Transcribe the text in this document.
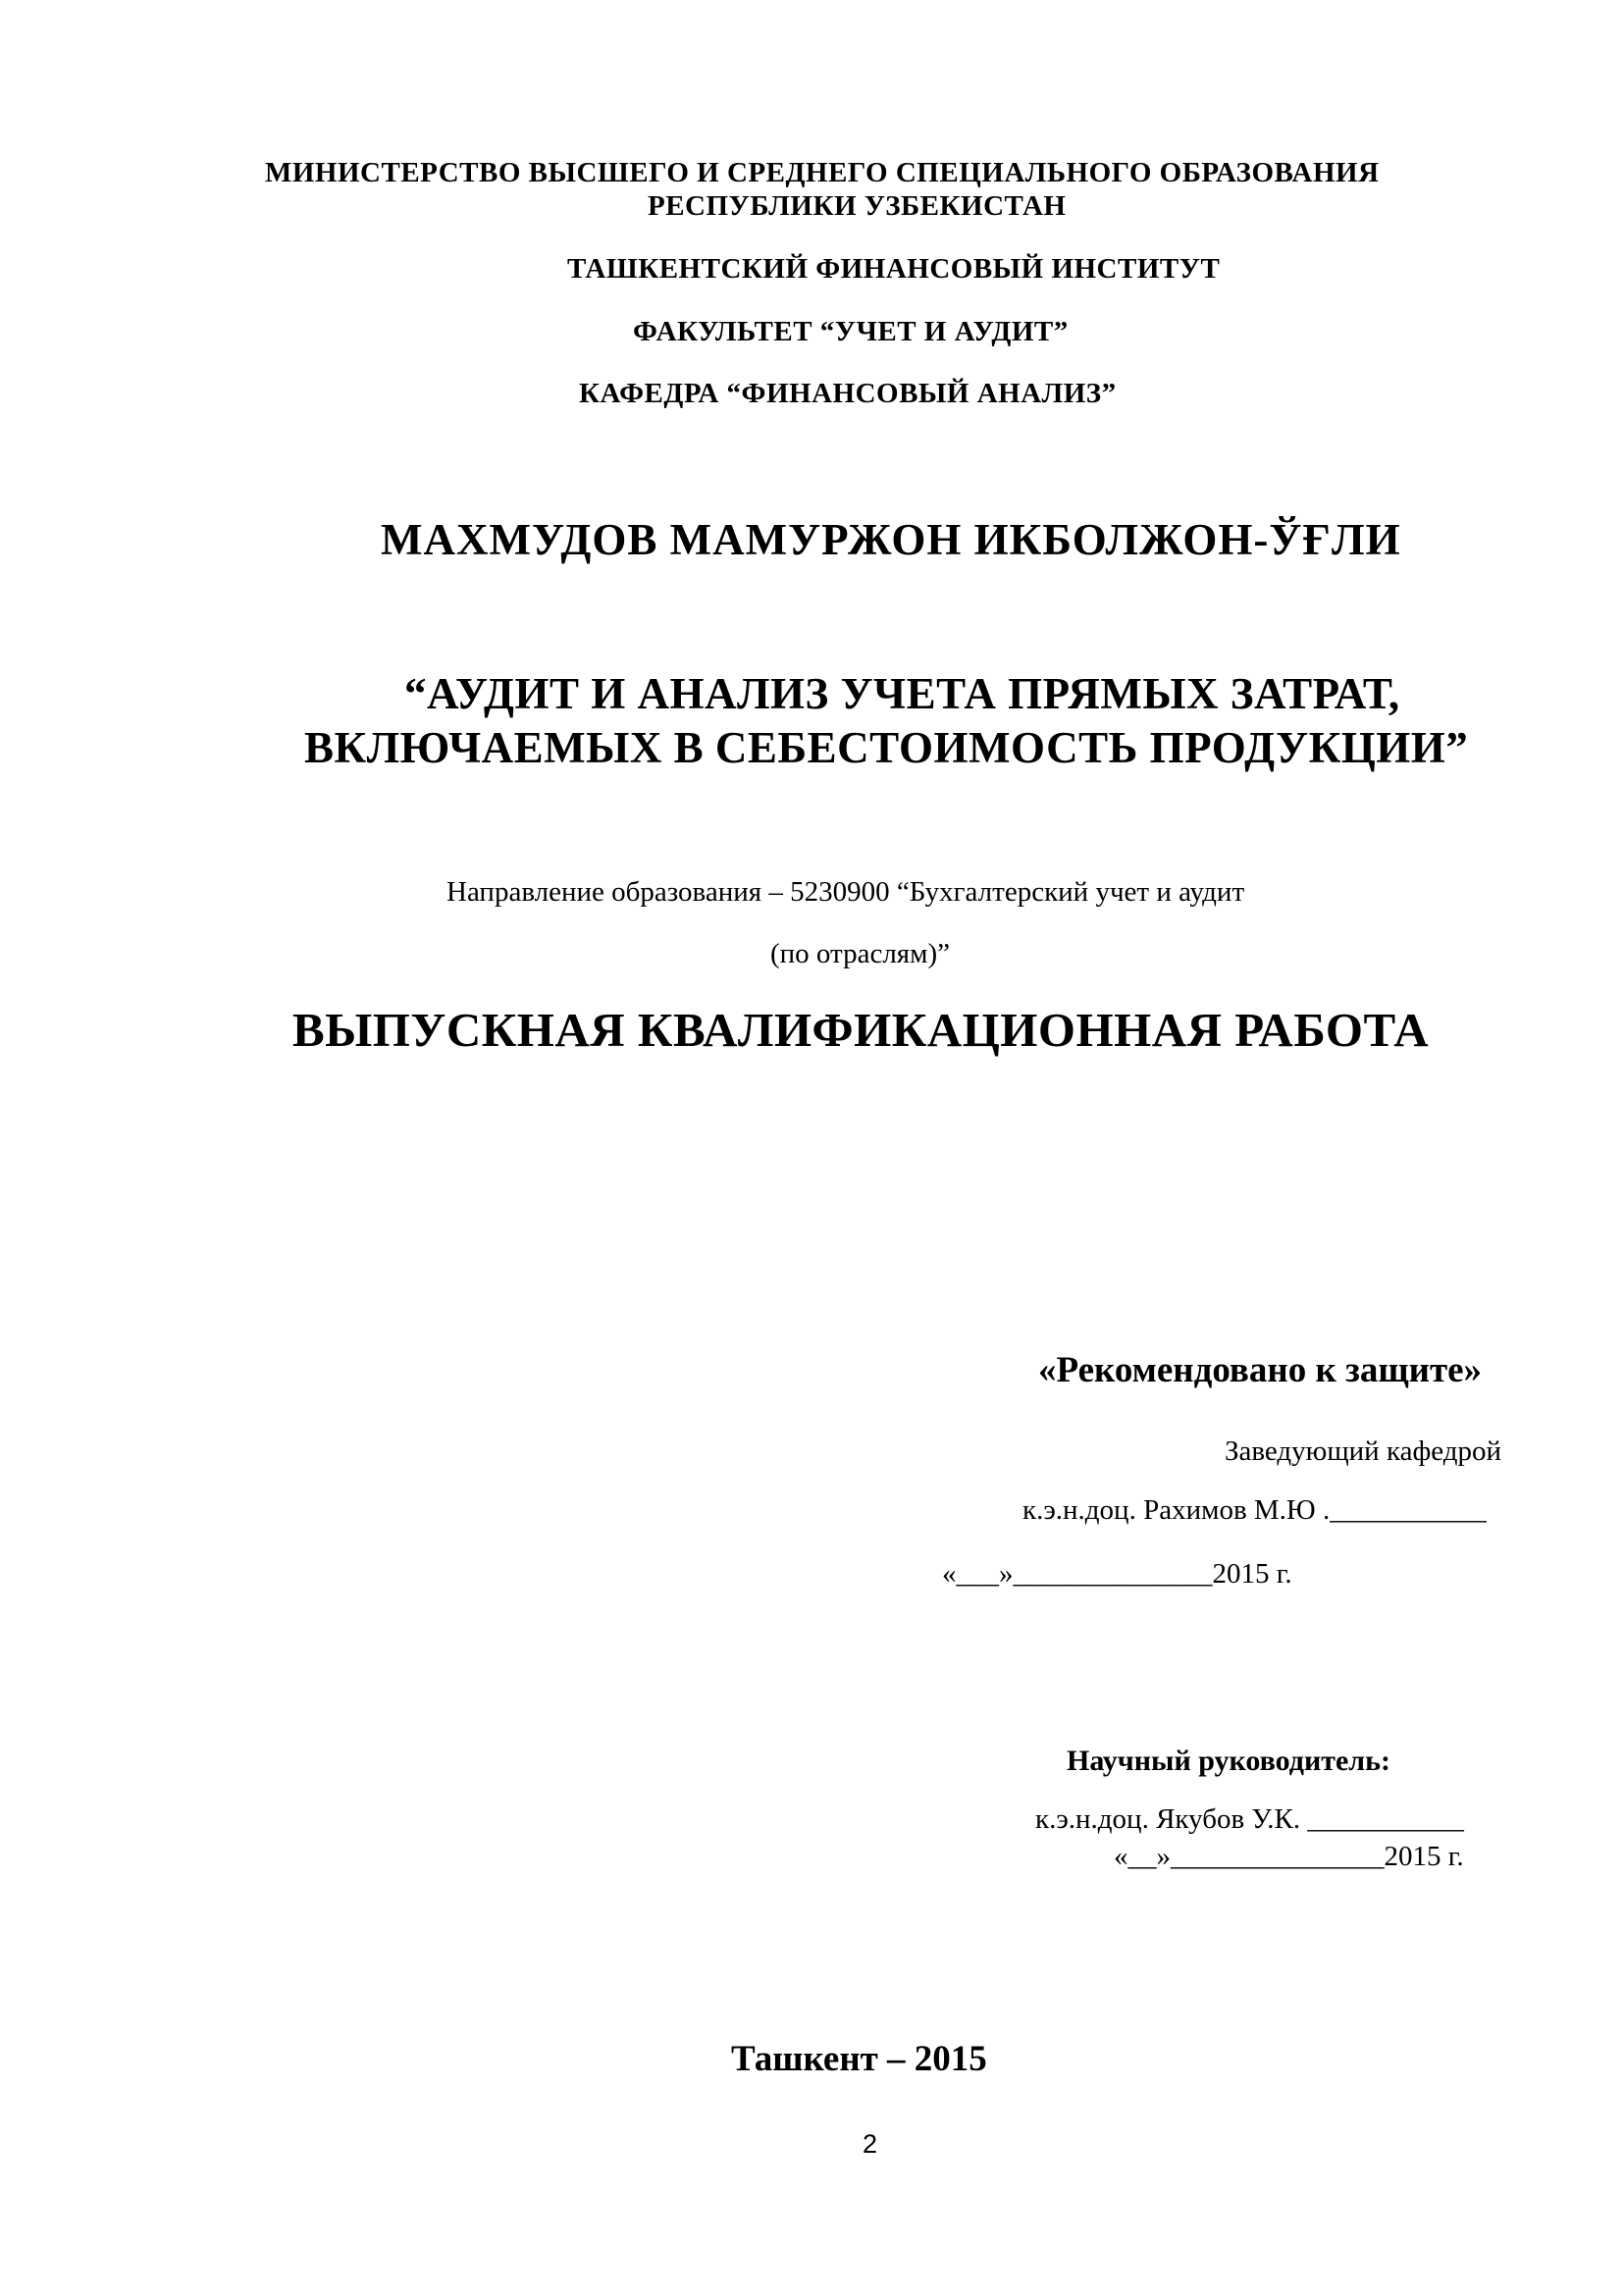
МИНИСТЕРСТВО ВЫСШЕГО И СРЕДНЕГО СПЕЦИАЛЬНОГО ОБРАЗОВАНИЯ
РЕСПУБЛИКИ УЗБЕКИСТАН
ТАШКЕНТСКИЙ ФИНАНСОВЫЙ ИНСТИТУТ
ФАКУЛЬТЕТ “УЧЕТ И АУДИТ”
КАФЕДРА “ФИНАНСОВЫЙ АНАЛИЗ”
МАХМУДОВ МАМУРЖОН ИКБОЛЖОН-ЎҒЛИ
“АУДИТ И АНАЛИЗ УЧЕТА ПРЯМЫХ ЗАТРАТ,
ВКЛЮЧАЕМЫХ В СЕБЕСТОИМОСТЬ ПРОДУКЦИИ”
Направление образования – 5230900 “Бухгалтерский учет и аудит
(по отраслям)”
ВЫПУСКНАЯ КВАЛИФИКАЦИОННАЯ РАБОТА
«Рекомендовано к защите»
Заведующий кафедрой
к.э.н.доц. Рахимов М.Ю .___________
«___»______________2015 г.
Научный руководитель:
к.э.н.доц. Якубов У.К. ___________
«__»_______________2015 г.
Ташкент – 2015
2
